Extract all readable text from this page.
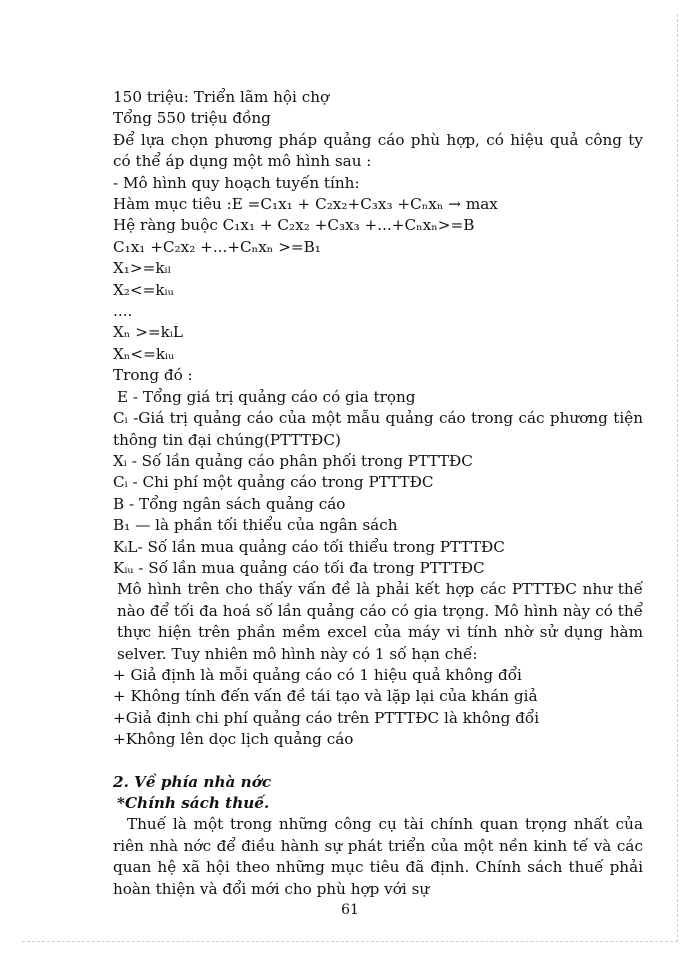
150 triệu: Triển lãm hội chợ
Tổng 550 triệu đồng
Để lựa chọn phương pháp quảng cáo phù hợp, có hiệu quả công ty có thể áp dụng một mô hình sau :
- Mô hình quy hoạch tuyến tính:
Hàm mục tiêu :E =C₁x₁ + C₂x₂+C₃x₃ +Cₙxₙ → max
Hệ ràng buộc C₁x₁ + C₂x₂ +C₃x₃ +...+Cₙxₙ>=B
C₁x₁ +C₂x₂ +...+Cₙxₙ >=B₁
X₁>=kᵢₗ
X₂<=kᵢᵤ
....
Xₙ >=kᵢL
Xₙ<=kᵢᵤ
Trong đó :
E - Tổng giá trị quảng cáo có gia trọng
Cᵢ -Giá trị quảng cáo của một mẫu quảng cáo trong các phương tiện thông tin đại chúng(PTTTĐC)
Xᵢ - Số lần quảng cáo phân phối trong PTTTĐC
Cᵢ - Chi phí một quảng cáo trong PTTTĐC
B - Tổng ngân sách quảng cáo
B₁ — là phần tối thiểu của ngân sách
KᵢL- Số lần mua quảng cáo tối thiểu trong PTTTĐC
Kᵢᵤ - Số lần mua quảng cáo tối đa trong PTTTĐC
Mô hình trên cho thấy vấn đề là phải kết hợp các PTTTĐC như thế nào để tối đa hoá số lần quảng cáo có gia trọng. Mô hình này có thể thực hiện trên phần mềm excel của máy vi tính nhờ sử dụng hàm selver. Tuy nhiên mô hình này có 1 số hạn chế:
+ Giả định là mỗi quảng cáo có 1 hiệu quả không đổi
+ Không tính đến vấn đề tái tạo và lặp lại của khán giả
+Giả định chi phí quảng cáo trên PTTTĐC là không đổi
+Không lên dọc lịch quảng cáo
2. Về phía nhà nớc
*Chính sách thuế.
Thuế là một trong những công cụ tài chính quan trọng nhất của riên nhà nớc để điều hành sự phát triển của một nền kinh tế và các quan hệ xã hội theo những mục tiêu đã định. Chính sách thuế phải hoàn thiện và đổi mới cho phù hợp với sự
61
